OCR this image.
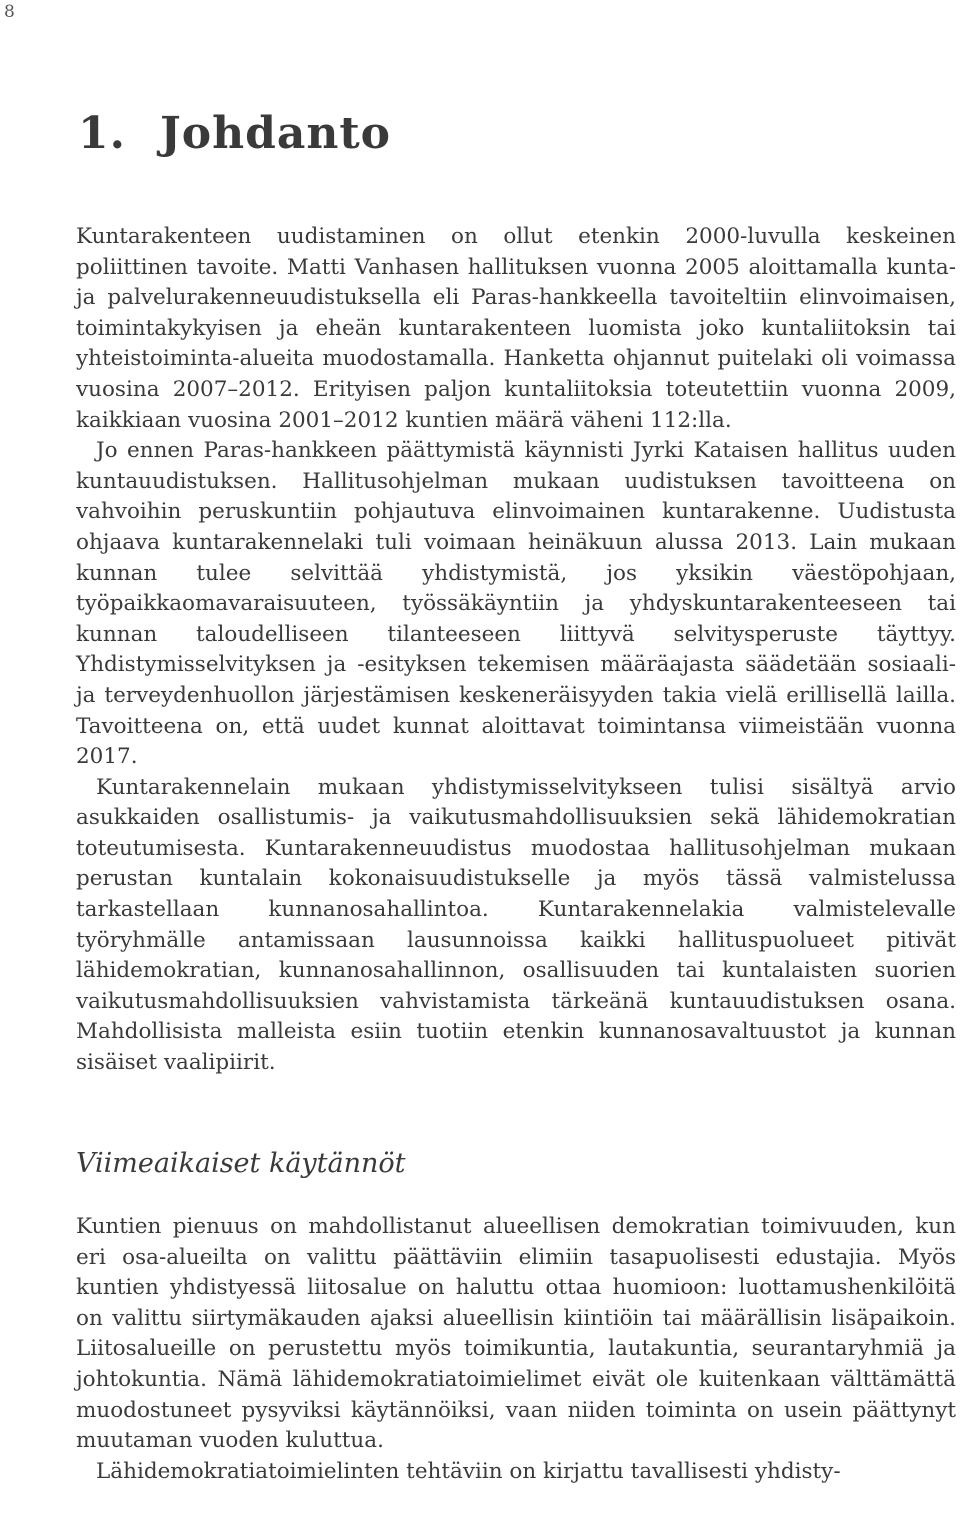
8
1. Johdanto

Kuntarakenteen uudistaminen on ollut etenkin 2000-luvulla keskeinen poliittinen tavoite. Matti Vanhasen hallituksen vuonna 2005 aloittamalla kunta- ja palvelurakenneuudistuksella eli Paras-hankkeella tavoiteltiin elinvoimaisen, toimintakykyisen ja eheän kuntarakenteen luomista joko kuntaliitoksin tai yhteistoiminta-alueita muodostamalla. Hanketta ohjannut puitelaki oli voimassa vuosina 2007–2012. Erityisen paljon kuntaliitoksia toteutettiin vuonna 2009, kaikkiaan vuosina 2001–2012 kuntien määrä väheni 112:lla.

Jo ennen Paras-hankkeen päättymistä käynnisti Jyrki Kataisen hallitus uuden kuntauudistuksen. Hallitusohjelman mukaan uudistuksen tavoitteena on vahvoihin peruskuntiin pohjautuva elinvoimainen kuntarakenne. Uudistusta ohjaava kuntarakennelaki tuli voimaan heinäkuun alussa 2013. Lain mukaan kunnan tulee selvittää yhdistymistä, jos yksikin väestöpohjaan, työpaikkaomavaraisuuteen, työssäkäyntiin ja yhdyskuntarakenteeseen tai kunnan taloudelliseen tilanteeseen liittyvä selvitysperuste täyttyy. Yhdistymisselvityksen ja -esityksen tekemisen määräajasta säädetään sosiaali- ja terveydenhuollon järjestämisen keskeneräisyyden takia vielä erillisellä lailla. Tavoitteena on, että uudet kunnat aloittavat toimintansa viimeistään vuonna 2017.

Kuntarakennelain mukaan yhdistymisselvitykseen tulisi sisältyä arvio asukkaiden osallistumis- ja vaikutusmahdollisuuksien sekä lähidemokratian toteutumisesta. Kuntarakenneuudistus muodostaa hallitusohjelman mukaan perustan kuntalain kokonaisuudistukselle ja myös tässä valmistelussa tarkastellaan kunnanosahallintoa. Kuntarakennelakia valmistelevalle työryhmälle antamissaan lausunnoissa kaikki hallituspuolueet pitivät lähidemokratian, kunnanosahallinnon, osallisuuden tai kuntalaisten suorien vaikutusmahdollisuuksien vahvistamista tärkeänä kuntauudistuksen osana. Mahdollisista malleista esiin tuotiin etenkin kunnanosavaltuustot ja kunnan sisäiset vaalipiirit.

Viimeaikaiset käytännöt

Kuntien pienuus on mahdollistanut alueellisen demokratian toimivuuden, kun eri osa-alueilta on valittu päättäviin elimiin tasapuolisesti edustajia. Myös kuntien yhdistyessä liitosalue on haluttu ottaa huomioon: luottamushenkilöitä on valittu siirtymäkauden ajaksi alueellisin kiintiöin tai määrällisin lisäpaikoin. Liitosalueille on perustettu myös toimikuntia, lautakuntia, seurantaryhmiä ja johtokuntia. Nämä lähidemokratiatoimielimet eivät ole kuitenkaan välttämättä muodostuneet pysyviksi käytännöiksi, vaan niiden toiminta on usein päättynyt muutaman vuoden kuluttua.

Lähidemokratiatoimielinten tehtäviin on kirjattu tavallisesti yhdisty-
